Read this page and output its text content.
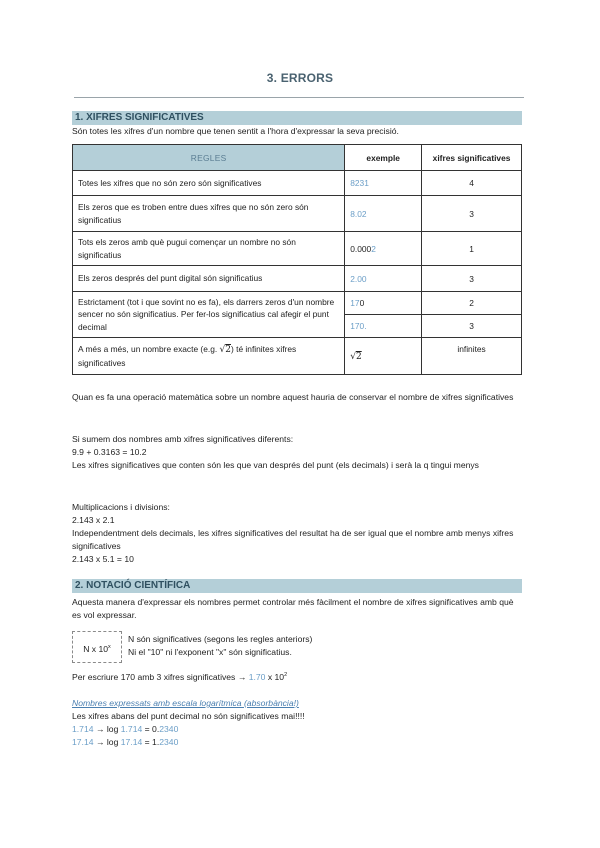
3. ERRORS
1. XIFRES SIGNIFICATIVES
Són totes les xifres d'un nombre que tenen sentit a l'hora d'expressar la seva precisió.
REGLES	exemple	xifres significatives
Totes les xifres que no són zero són significatives	8231	4
Els zeros que es troben entre dues xifres que no són zero són significatius	8.02	3
Tots els zeros amb què pugui començar un nombre no són significatius	0.0002	1
Els zeros després del punt digital són significatius	2.00	3
Estrictament (tot i que sovint no es fa), els darrers zeros d'un nombre sencer no són significatius. Per fer-los significatius cal afegir el punt decimal	170	2
	170.	3
A més a més, un nombre exacte (e.g. √2) té infinites xifres significatives	√2	infinites
Quan es fa una operació matemàtica sobre un nombre aquest hauria de conservar el nombre de xifres significatives
Si sumem dos nombres amb xifres significatives diferents:
9.9 + 0.3163 = 10.2
Les xifres significatives que conten són les que van després del punt (els decimals) i serà la q tingui menys
Multiplicacions i divisions:
2.143 x 2.1
Independentment dels decimals, les xifres significatives del resultat ha de ser igual que el nombre amb menys xifres significatives
2.143 x 5.1 = 10
2. NOTACIÓ CIENTÍFICA
Aquesta manera d'expressar els nombres permet controlar més fàcilment el nombre de xifres significatives amb què es vol expressar.
N x 10$^x$
N són significatives (segons les regles anteriors)
Ni el "10" ni l'exponent "x" són significatius.
Per escriure 170 amb 3 xifres significatives → 1.70 x $10^2$
Nombres expressats amb escala logarítmica (absorbància!)
Les xifres abans del punt decimal no són significatives mai!!!!
1.714 → log 1.714 = 0.2340
17.14 → log 17.14 = 1.2340
